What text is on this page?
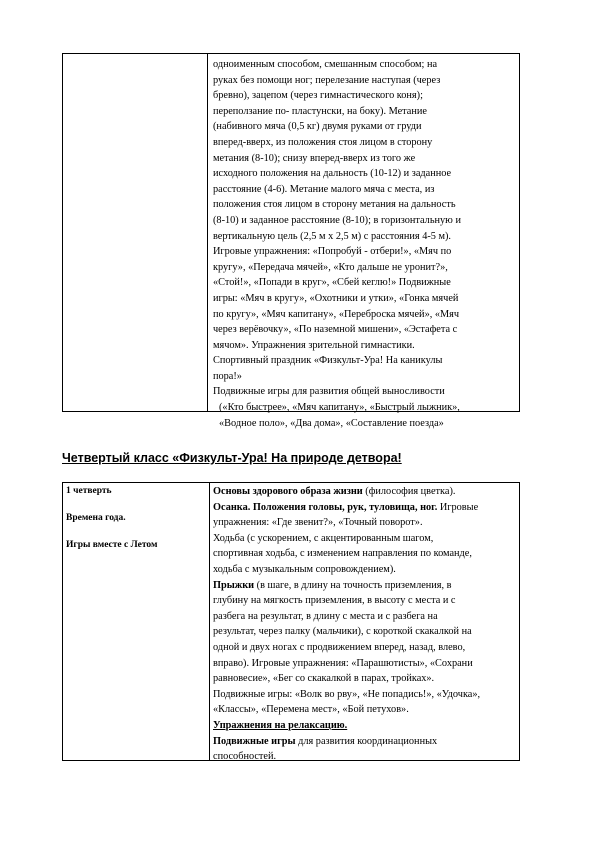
одноименным способом, смешанным способом; на
руках без помощи ног; перелезание наступая (через
бревно), зацепом (через гимнастического коня);
переползание по- пластунски, на боку). Метание
(набивного мяча (0,5 кг) двумя руками от груди
вперед-вверх, из положения стоя лицом в сторону
метания (8-10); снизу вперед-вверх из того же
исходного положения на дальность (10-12) и заданное
расстояние (4-6). Метание малого мяча с места, из
положения стоя лицом в сторону метания на дальность
(8-10) и заданное расстояние (8-10); в горизонтальную и
вертикальную цель (2,5 м х 2,5 м) с расстояния 4-5 м).
Игровые упражнения: «Попробуй - отбери!», «Мяч по
кругу», «Передача мячей», «Кто дальше не уронит?»,
«Стой!», «Попади в круг», «Сбей кеглю!» Подвижные
игры: «Мяч в кругу», «Охотники и утки», «Гонка мячей
по кругу», «Мяч капитану», «Переброска мячей», «Мяч
через верёвочку», «По наземной мишени», «Эстафета с
мячом». Упражнения зрительной гимнастики.
Спортивный праздник «Физкульт-Ура! На каникулы
пора!»
Подвижные игры для развития общей выносливости
(«Кто быстрее», «Мяч капитану», «Быстрый лыжник»,
«Водное поло», «Два дома», «Составление поезда»
Четвертый класс «Физкульт-Ура! На природе детвора!
1 четверть
Времена года.
Игры вместе с Летом
Основы здорового образа жизни (философия цветка).
Осанка. Положения головы, рук, туловища, ног. Игровые
упражнения: «Где звенит?», «Точный поворот».
Ходьба (с ускорением, с акцентированным шагом,
спортивная ходьба, с изменением направления по команде,
ходьба с музыкальным сопровождением).
Прыжки (в шаге, в длину на точность приземления, в
глубину на мягкость приземления, в высоту с места и с
разбега на результат, в длину с места и с разбега на
результат, через палку (мальчики), с короткой скакалкой на
одной и двух ногах с продвижением вперед, назад, влево,
вправо). Игровые упражнения: «Парашютисты», «Сохрани
равновесие», «Бег со скакалкой в парах, тройках».
Подвижные игры: «Волк во рву», «Не попадись!», «Удочка»,
«Классы», «Перемена мест», «Бой петухов».
Упражнения на релаксацию.
Подвижные игры для развития координационных
способностей.
